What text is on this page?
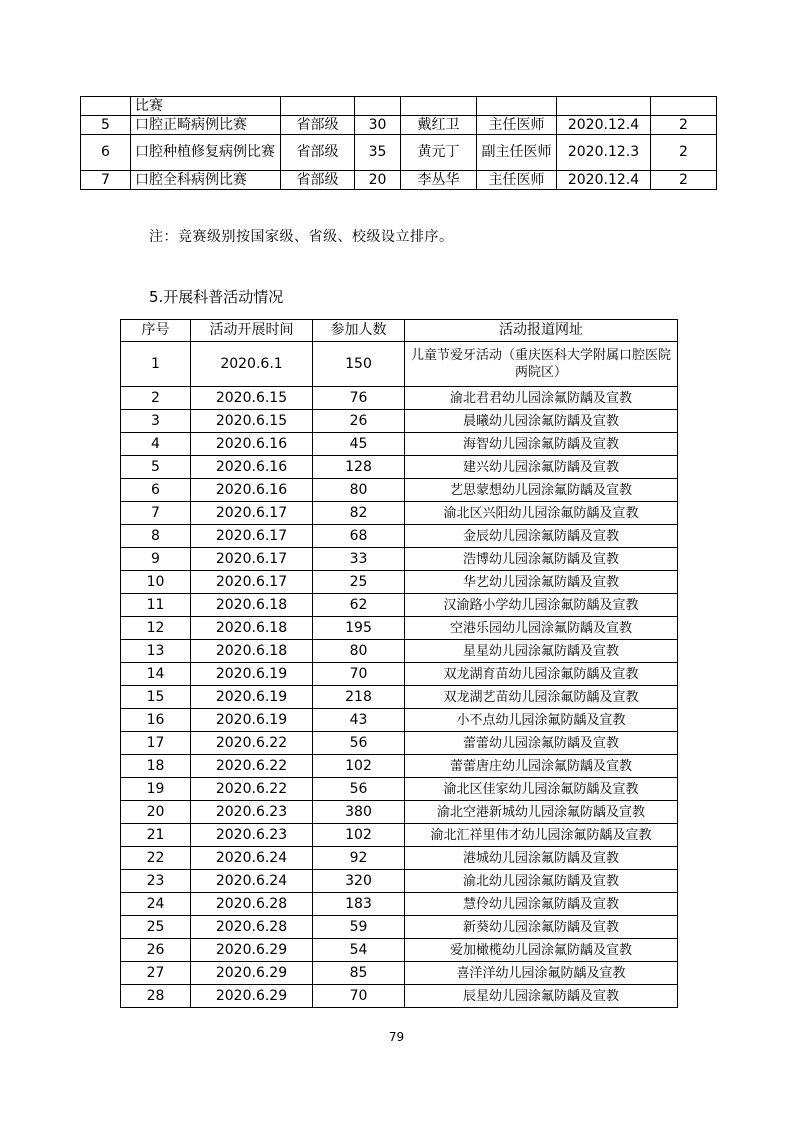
	比赛						
5	口腔正畸病例比赛	省部级	30	戴红卫	主任医师	2020.12.4	2
6	口腔种植修复病例比赛	省部级	35	黄元丁	副主任医师	2020.12.3	2
7	口腔全科病例比赛	省部级	20	李丛华	主任医师	2020.12.4	2
注：竞赛级别按国家级、省级、校级设立排序。
5.开展科普活动情况
序号	活动开展时间	参加人数	活动报道网址
1	2020.6.1	150	儿童节爱牙活动（重庆医科大学附属口腔医院两院区）
2	2020.6.15	76	渝北君君幼儿园涂氟防龋及宣教
3	2020.6.15	26	晨曦幼儿园涂氟防龋及宣教
4	2020.6.16	45	海智幼儿园涂氟防龋及宣教
5	2020.6.16	128	建兴幼儿园涂氟防龋及宣教
6	2020.6.16	80	艺思蒙想幼儿园涂氟防龋及宣教
7	2020.6.17	82	渝北区兴阳幼儿园涂氟防龋及宣教
8	2020.6.17	68	金辰幼儿园涂氟防龋及宣教
9	2020.6.17	33	浩博幼儿园涂氟防龋及宣教
10	2020.6.17	25	华艺幼儿园涂氟防龋及宣教
11	2020.6.18	62	汉渝路小学幼儿园涂氟防龋及宣教
12	2020.6.18	195	空港乐园幼儿园涂氟防龋及宣教
13	2020.6.18	80	星星幼儿园涂氟防龋及宣教
14	2020.6.19	70	双龙湖育苗幼儿园涂氟防龋及宣教
15	2020.6.19	218	双龙湖艺苗幼儿园涂氟防龋及宣教
16	2020.6.19	43	小不点幼儿园涂氟防龋及宣教
17	2020.6.22	56	蕾蕾幼儿园涂氟防龋及宣教
18	2020.6.22	102	蕾蕾唐庄幼儿园涂氟防龋及宣教
19	2020.6.22	56	渝北区佳家幼儿园涂氟防龋及宣教
20	2020.6.23	380	渝北空港新城幼儿园涂氟防龋及宣教
21	2020.6.23	102	渝北汇祥里伟才幼儿园涂氟防龋及宣教
22	2020.6.24	92	港城幼儿园涂氟防龋及宣教
23	2020.6.24	320	渝北幼儿园涂氟防龋及宣教
24	2020.6.28	183	慧伶幼儿园涂氟防龋及宣教
25	2020.6.28	59	新葵幼儿园涂氟防龋及宣教
26	2020.6.29	54	爱加橄榄幼儿园涂氟防龋及宣教
27	2020.6.29	85	喜洋洋幼儿园涂氟防龋及宣教
28	2020.6.29	70	辰星幼儿园涂氟防龋及宣教
79
